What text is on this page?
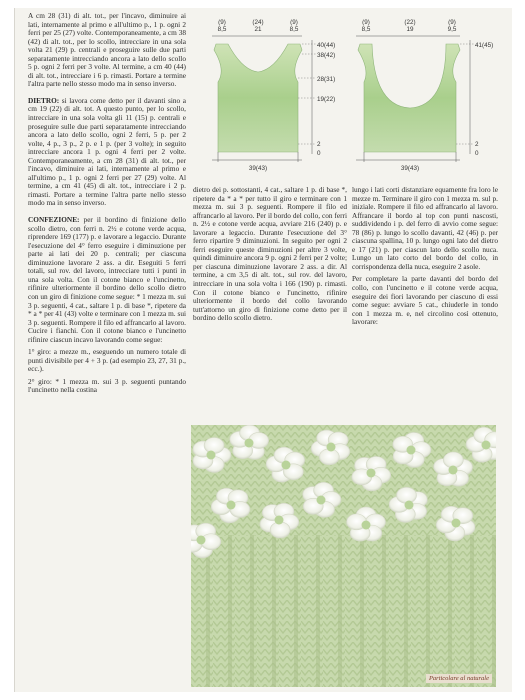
A cm 28 (31) di alt. tot., per l'incavo, diminuire ai lati, internamente al primo e all'ultimo p., 1 p. ogni 2 ferri per 25 (27) volte. Contemporaneamente, a cm 38 (42) di alt. tot., per lo scollo, intrecciare in una sola volta 21 (29) p. centrali e proseguire sulle due parti separatamente intrecciando ancora a lato dello scollo 5 p. ogni 2 ferri per 3 volte. Al termine, a cm 40 (44) di alt. tot., intrecciare i 6 p. rimasti. Portare a termine l'altra parte nello stesso modo ma in senso inverso.

DIETRO: si lavora come detto per il davanti sino a cm 19 (22) di alt. tot. A questo punto, per lo scollo, intrecciare in una sola volta gli 11 (15) p. centrali e proseguire sulle due parti separatamente intrecciando ancora a lato dello scollo, ogni 2 ferri, 5 p. per 2 volte, 4 p., 3 p., 2 p. e 1 p. (per 3 volte); in seguito intrecciare ancora 1 p. ogni 4 ferri per 2 volte. Contemporaneamente, a cm 28 (31) di alt. tot., per l'incavo, diminuire ai lati, internamente al primo e all'ultimo p., 1 p. ogni 2 ferri per 27 (29) volte. Al termine, a cm 41 (45) di alt. tot., intrecciare i 2 p. rimasti. Portare a termine l'altra parte nello stesso modo ma in senso inverso.

CONFEZIONE: per il bordino di finizione dello scollo dietro, con ferri n. 2½ e cotone verde acqua, riprendere 169 (177) p. e lavorare a legaccio. Durante l'esecuzione del 4° ferro eseguire i diminuzione per parte ai lati dei 20 p. centrali; per ciascuna diminuzione lavorare 2 ass. a dir. Eseguiti 5 ferri totali, sul rov. del lavoro, intrecciare tutti i punti in una sola volta. Con il cotone bianco e l'uncinetto, rifinire ulteriormente il bordino dello scollo dietro con un giro di finizione come segue: * 1 mezza m. sui 3 p. seguenti, 4 cat., saltare 1 p. di base *, ripetere da * a * per 41 (43) volte e terminare con 1 mezza m. sui 3 p. seguenti. Rompere il filo ed affrancarlo al lavoro. Cucire i fianchi. Con il cotone bianco e l'uncinetto rifinire ciascun incavo lavorando come segue:

1° giro: a mezze m., eseguendo un numero totale di punti divisibile per 4 + 3 p. (ad esempio 23, 27, 31 p., ecc.).

2° giro: * 1 mezza m. sui 3 p. seguenti puntando l'uncinetto nella costina

dietro dei p. sottostanti, 4 cat., saltare 1 p. di base *, ripetere da * a * per tutto il giro e terminare con 1 mezza m. sui 3 p. seguenti. Rompere il filo ed affrancarlo al lavoro. Per il bordo del collo, con ferri n. 2½ e cotone verde acqua, avviare 216 (240) p. e lavorare a legaccio. Durante l'esecuzione del 3° ferro ripartire 9 diminuzioni. In seguito per ogni 2 ferri eseguire queste diminuzioni per altre 3 volte, quindi diminuire ancora 9 p. ogni 2 ferri per 2 volte; per ciascuna diminuzione lavorare 2 ass. a dir. Al termine, a cm 3,5 di alt. tot., sul rov. del lavoro, intrecciare in una sola volta i 166 (190) p. rimasti. Con il cotone bianco e l'uncinetto, rifinire ulteriormente il bordo del collo lavorando tutt'attorno un giro di finizione come detto per il bordino dello scollo dietro.

lungo i lati corti distanziare equamente fra loro le mezze m. Terminare il giro con 1 mezza m. sul p. iniziale. Rompere il filo ed affrancarlo al lavoro. Affrancare il bordo al top con punti nascosti, suddividendo i p. del ferro di avvio come segue: 78 (86) p. lungo lo scollo davanti, 42 (46) p. per ciascuna spallina, 10 p. lungo ogni lato del dietro e 17 (21) p. per ciascun lato dello scollo nuca. Lungo un lato corto del bordo del collo, in corrispondenza della nuca, eseguire 2 asole.

Per completare la parte davanti del bordo del collo, con l'uncinetto e il cotone verde acqua, eseguire dei fiori lavorando per ciascuno di essi come segue: avviare 5 cat., chiuderle in tondo con 1 mezza m. e, nel circolino così ottenuto, lavorare:

(9)
8,5
(24)
21
(9)
8,5
40(44)
38(42)
28(31)
19(22)
2
0
39(43)
(9)
8,5
(22)
19
(9)
9,5
41(45)
2
0
39(43)
Particolare al naturale
